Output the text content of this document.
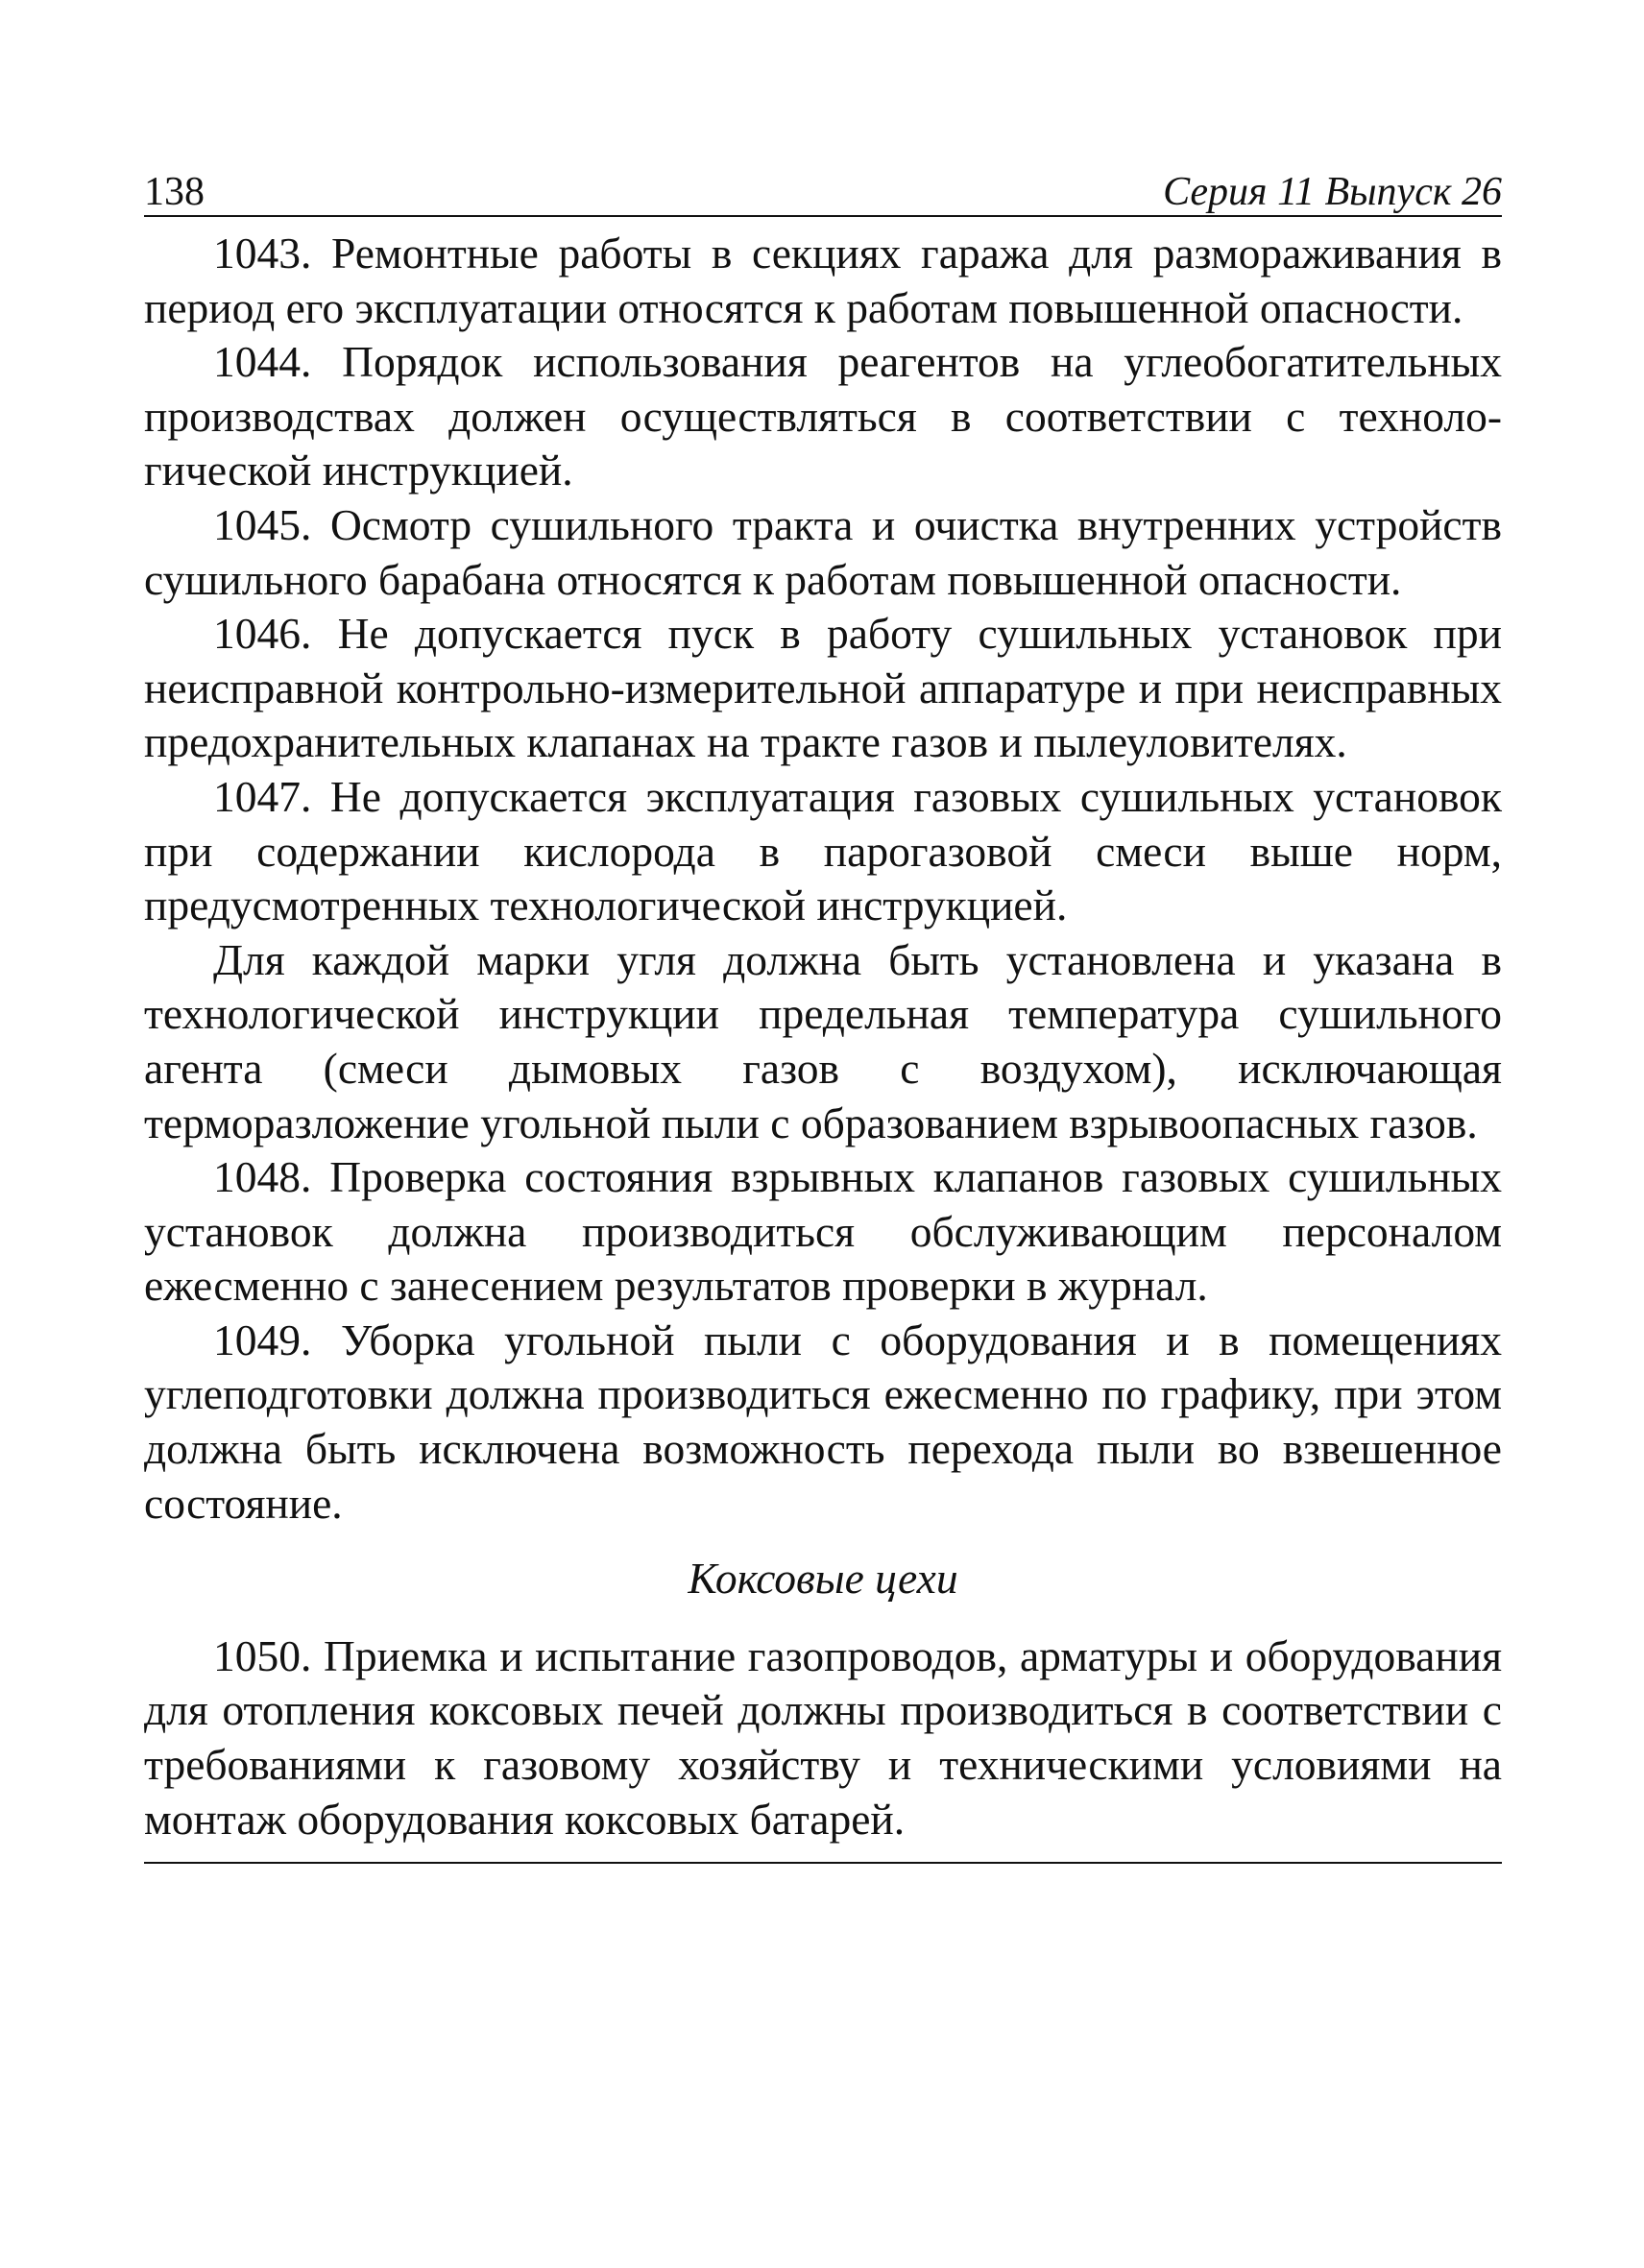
138	Серия 11 Выпуск 26

1043. Ремонтные работы в секциях гаража для размораживания в период его эксплуатации относятся к работам повышенной опасности.

1044. Порядок использования реагентов на углеобогатительных производствах должен осуществляться в соответствии с технологической инструкцией.

1045. Осмотр сушильного тракта и очистка внутренних устройств сушильного барабана относятся к работам повышенной опасности.

1046. Не допускается пуск в работу сушильных установок при неисправной контрольно-измерительной аппаратуре и при неисправных предохранительных клапанах на тракте газов и пылеуловителях.

1047. Не допускается эксплуатация газовых сушильных установок при содержании кислорода в парогазовой смеси выше норм, предусмотренных технологической инструкцией.

Для каждой марки угля должна быть установлена и указана в технологической инструкции предельная температура сушильного агента (смеси дымовых газов с воздухом), исключающая терморазложение угольной пыли с образованием взрывоопасных газов.

1048. Проверка состояния взрывных клапанов газовых сушильных установок должна производиться обслуживающим персоналом ежесменно с занесением результатов проверки в журнал.

1049. Уборка угольной пыли с оборудования и в помещениях углеподготовки должна производиться ежесменно по графику, при этом должна быть исключена возможность перехода пыли во взвешенное состояние.

Коксовые цехи

1050. Приемка и испытание газопроводов, арматуры и оборудования для отопления коксовых печей должны производиться в соответствии с требованиями к газовому хозяйству и техническими условиями на монтаж оборудования коксовых батарей.
